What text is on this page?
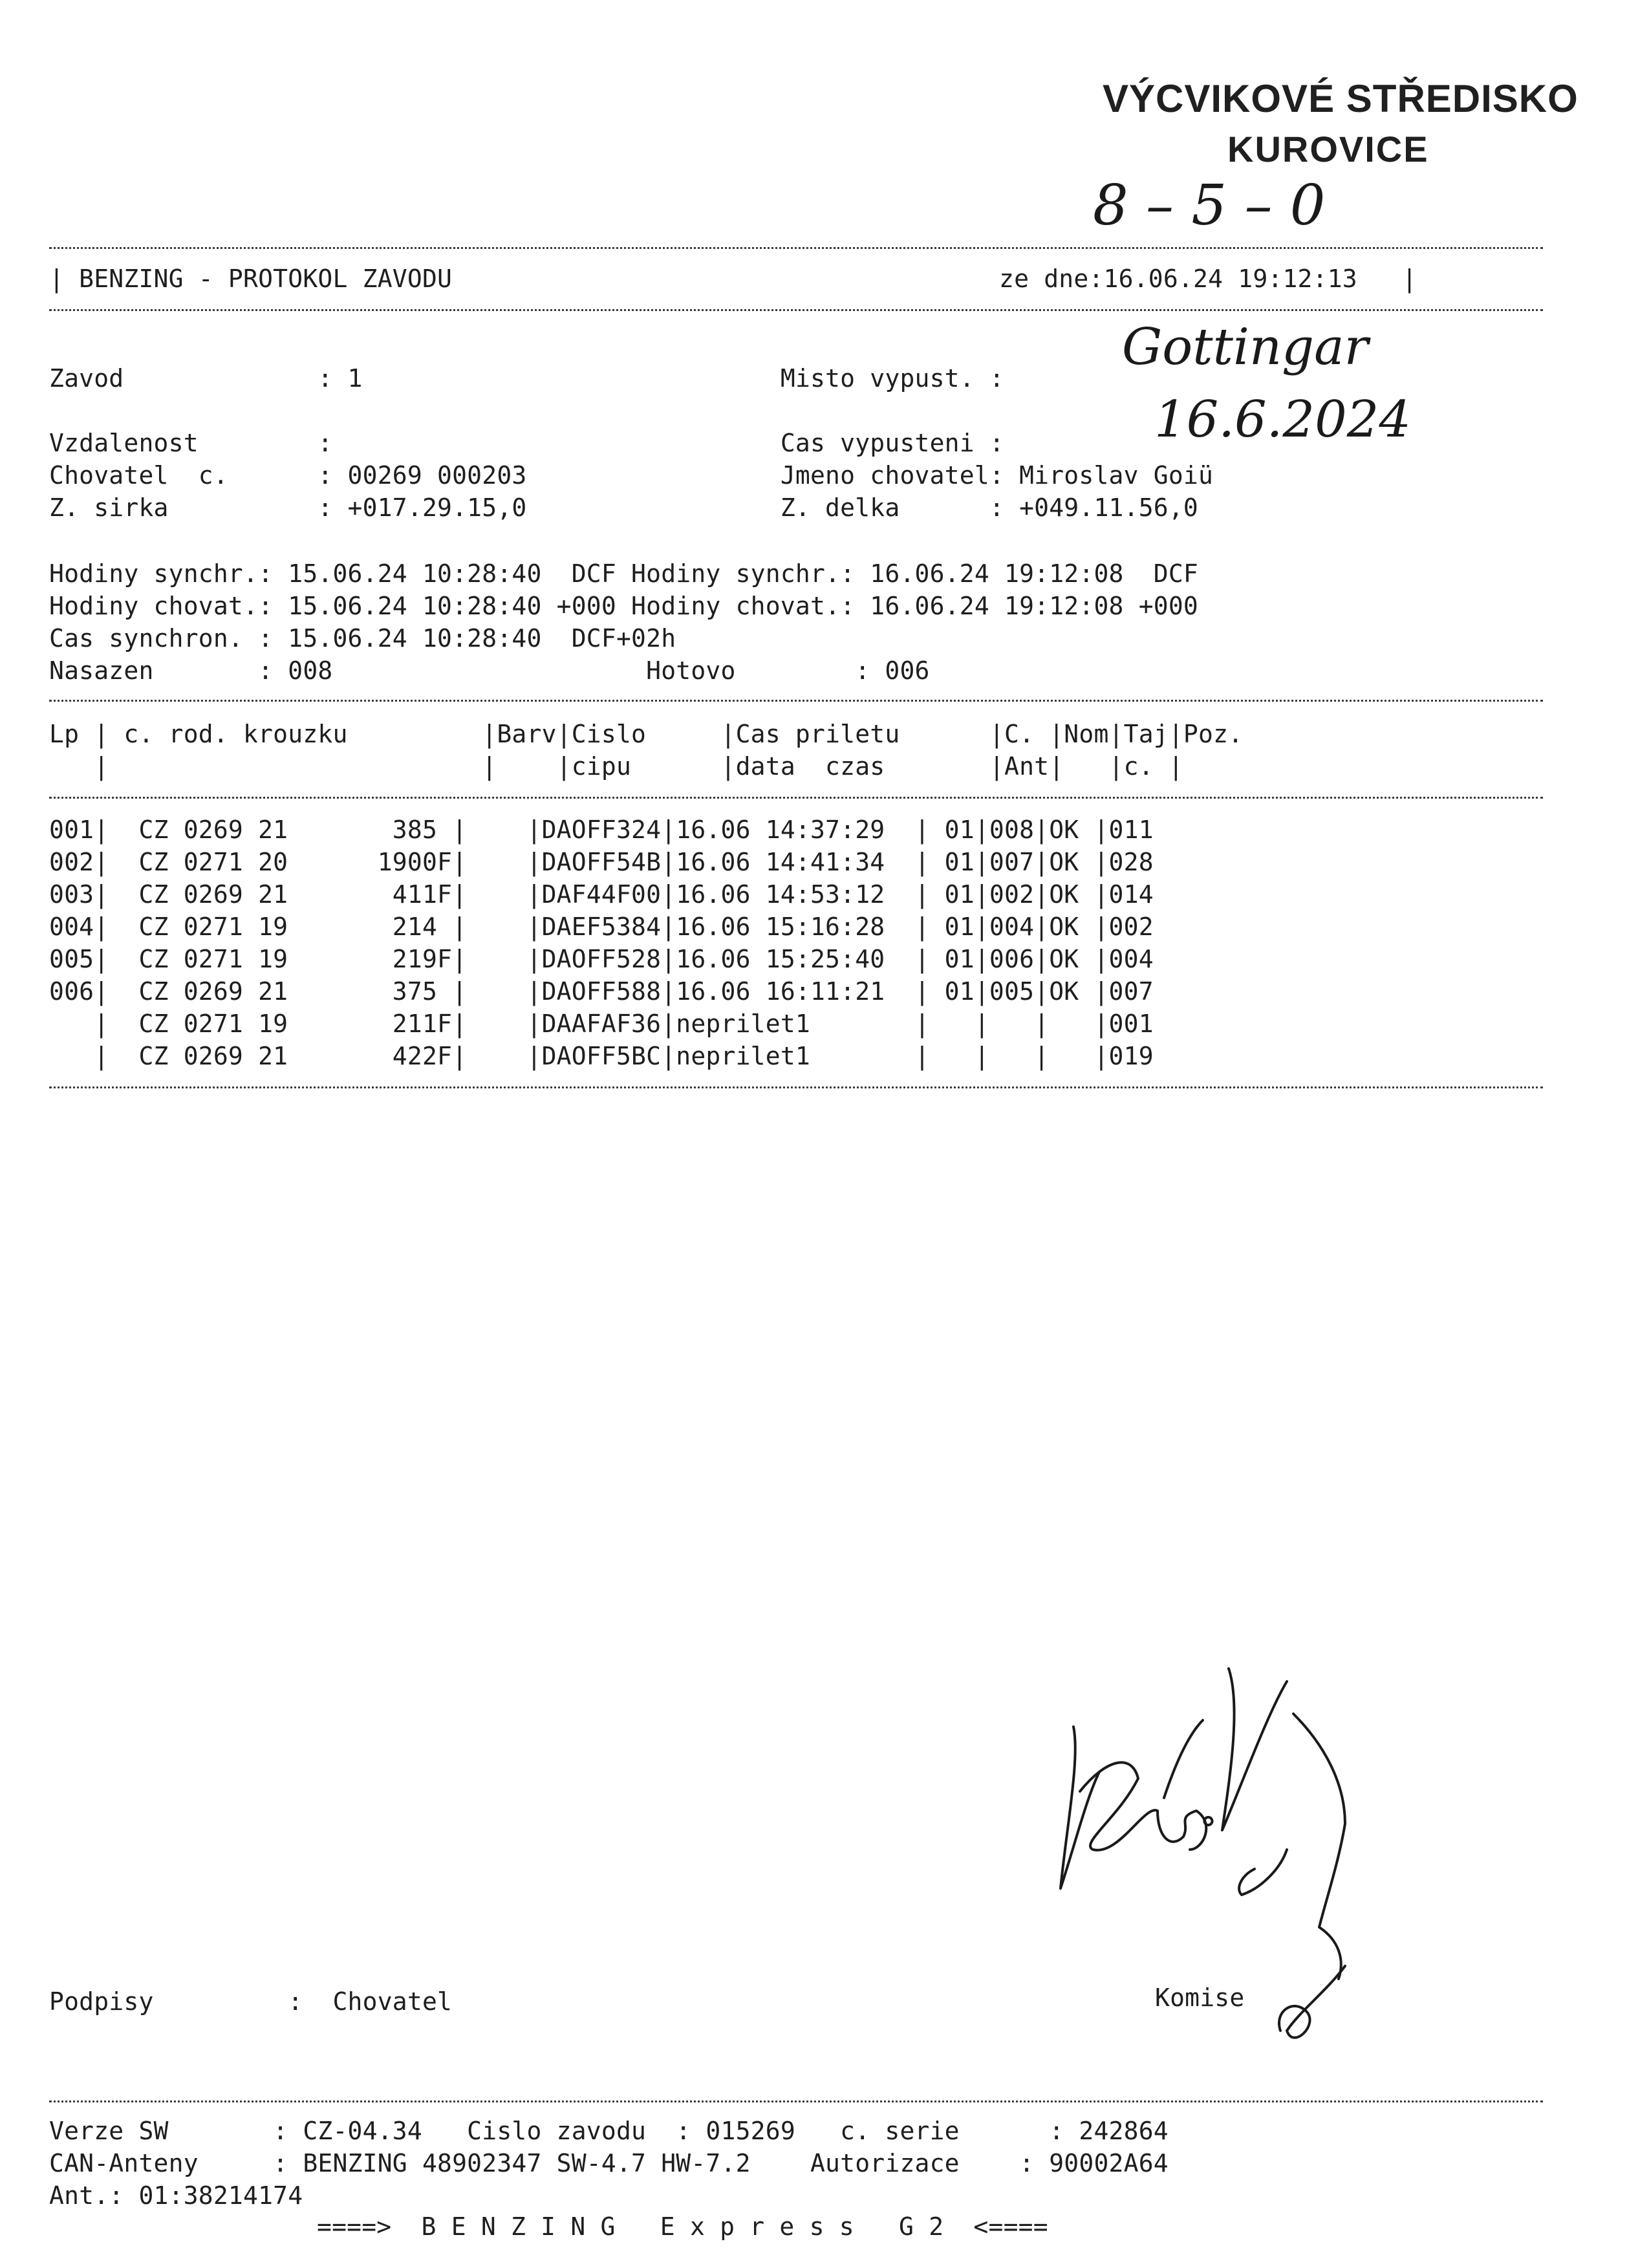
VÝCVIKOVÉ STŘEDISKO
KUROVICE
8 – 5 – 0
| BENZING - PROTOKOL ZAVODU	ze dne:16.06.24 19:12:13   |
Gottingar
16.6.2024
Zavod             : 1                            Misto vypust. :

Vzdalenost        :                              Cas vypusteni :
Chovatel  c.      : 00269 000203                 Jmeno chovatel: Miroslav Goiü
Z. sirka          : +017.29.15,0                 Z. delka      : +049.11.56,0
Hodiny synchr.: 15.06.24 10:28:40  DCF Hodiny synchr.: 16.06.24 19:12:08  DCF
Hodiny chovat.: 15.06.24 10:28:40 +000 Hodiny chovat.: 16.06.24 19:12:08 +000
Cas synchron. : 15.06.24 10:28:40  DCF+02h
Nasazen       : 008                     Hotovo        : 006
Lp | c. rod. krouzku         |Barv|Cislo     |Cas priletu      |C. |Nom|Taj|Poz.
|                         |    |cipu      |data  czas       |Ant|   |c. |
001|  CZ 0269 21       385 |    |DAOFF324|16.06 14:37:29  | 01|008|OK |011
002|  CZ 0271 20      1900F|    |DAOFF54B|16.06 14:41:34  | 01|007|OK |028
003|  CZ 0269 21       411F|    |DAF44F00|16.06 14:53:12  | 01|002|OK |014
004|  CZ 0271 19       214 |    |DAEF5384|16.06 15:16:28  | 01|004|OK |002
005|  CZ 0271 19       219F|    |DAOFF528|16.06 15:25:40  | 01|006|OK |004
006|  CZ 0269 21       375 |    |DAOFF588|16.06 16:11:21  | 01|005|OK |007
|  CZ 0271 19       211F|    |DAAFAF36|neprilet1       |   |   |   |001
|  CZ 0269 21       422F|    |DAOFF5BC|neprilet1       |   |   |   |019
Podpisy	: Chovatel	Komise
Verze SW       : CZ-04.34   Cislo zavodu  : 015269   c. serie      : 242864
CAN-Anteny     : BENZING 48902347 SW-4.7 HW-7.2    Autorizace    : 90002A64
Ant.: 01:38214174
====>  B E N Z I N G   E x p r e s s   G 2  <====
